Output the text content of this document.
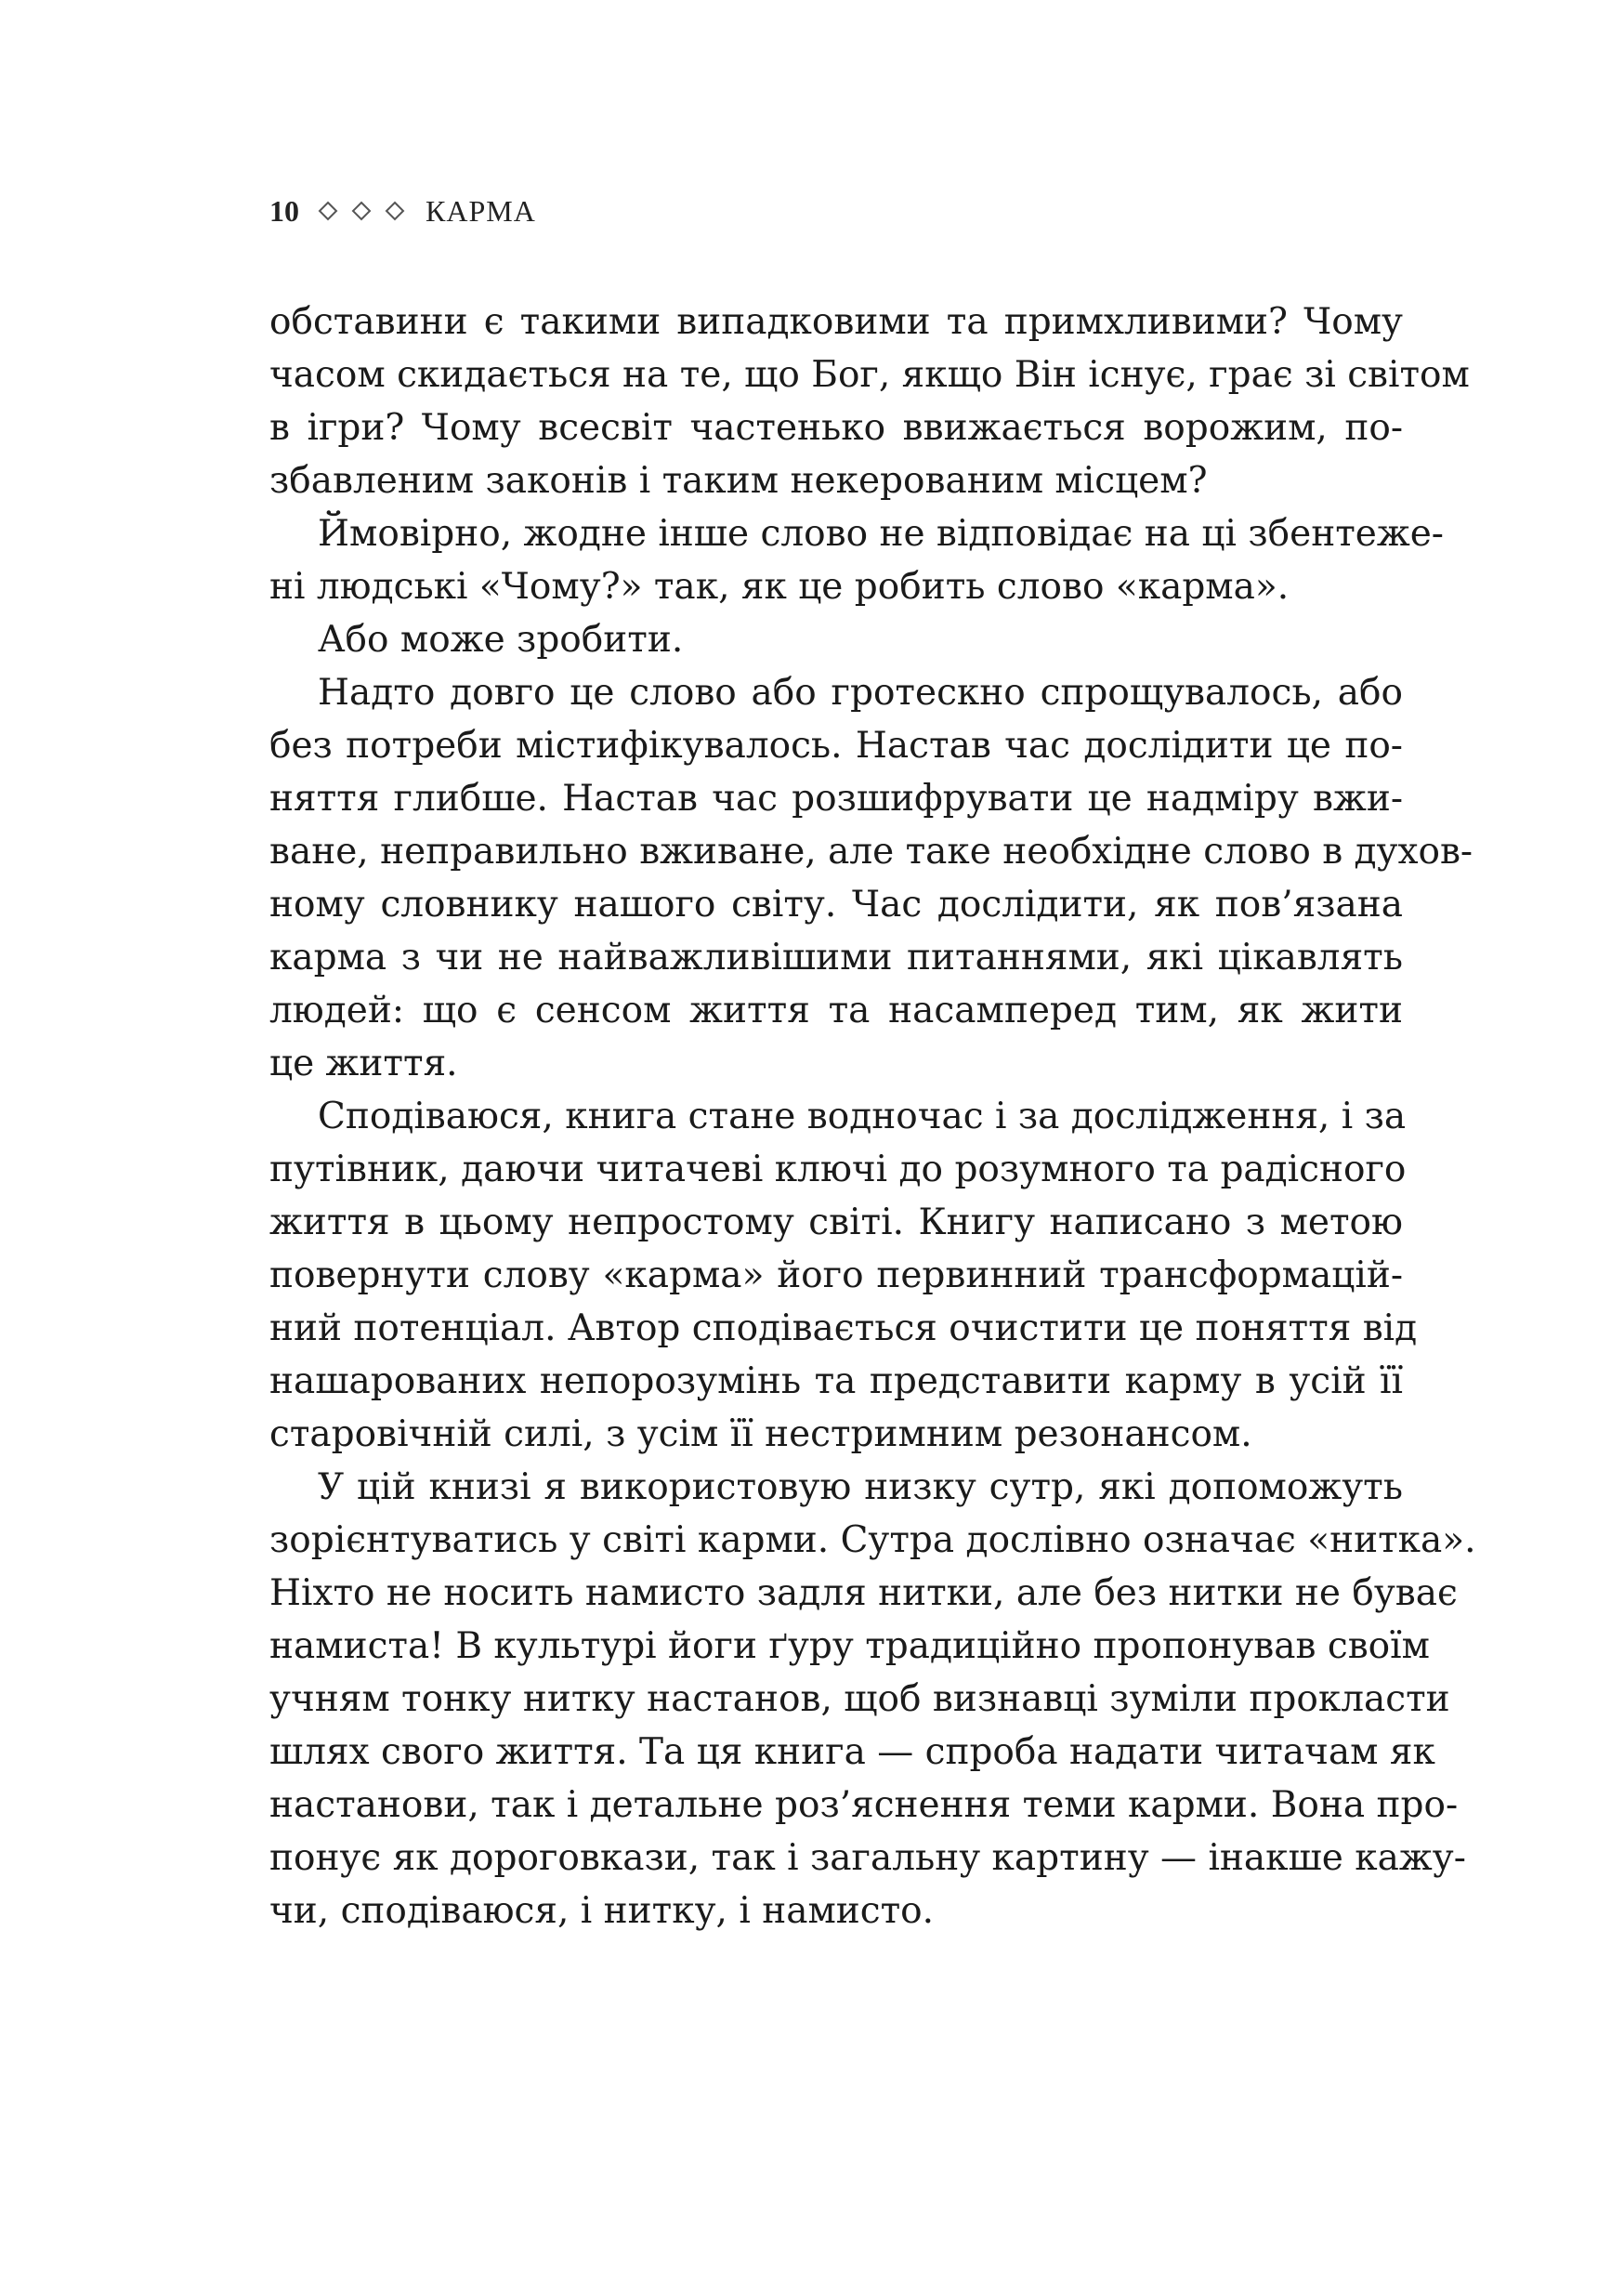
10	КАРМА

обставини є такими випадковими та примхливими? Чому
часом скидається на те, що Бог, якщо Він існує, грає зі світом
в ігри? Чому всесвіт частенько ввижається ворожим, по-
збавленим законів і таким некерованим місцем?

Ймовірно, жодне інше слово не відповідає на ці збентеже-
ні людські «Чому?» так, як це робить слово «карма».

Або може зробити.

Надто довго це слово або гротескно спрощувалось, або
без потреби містифікувалось. Настав час дослідити це по-
няття глибше. Настав час розшифрувати це надміру вжи-
ване, неправильно вживане, але таке необхідне слово в духов-
ному словнику нашого світу. Час дослідити, як пов’язана
карма з чи не найважливішими питаннями, які цікавлять
людей: що є сенсом життя та насамперед тим, як жити
це життя.

Сподіваюся, книга стане водночас і за дослідження, і за
путівник, даючи читачеві ключі до розумного та радісного
життя в цьому непростому світі. Книгу написано з метою
повернути слову «карма» його первинний трансформацій-
ний потенціал. Автор сподівається очистити це поняття від
нашарованих непорозумінь та представити карму в усій її
старовічній силі, з усім її нестримним резонансом.

У цій книзі я використовую низку сутр, які допоможуть
зорієнтуватись у світі карми. Сутра дослівно означає «нитка».
Ніхто не носить намисто задля нитки, але без нитки не буває
намиста! В культурі йоги ґуру традиційно пропонував своїм
учням тонку нитку настанов, щоб визнавці зуміли прокласти
шлях свого життя. Та ця книга — спроба надати читачам як
настанови, так і детальне роз’яснення теми карми. Вона про-
понує як дороговкази, так і загальну картину — інакше кажу-
чи, сподіваюся, і нитку, і намисто.
